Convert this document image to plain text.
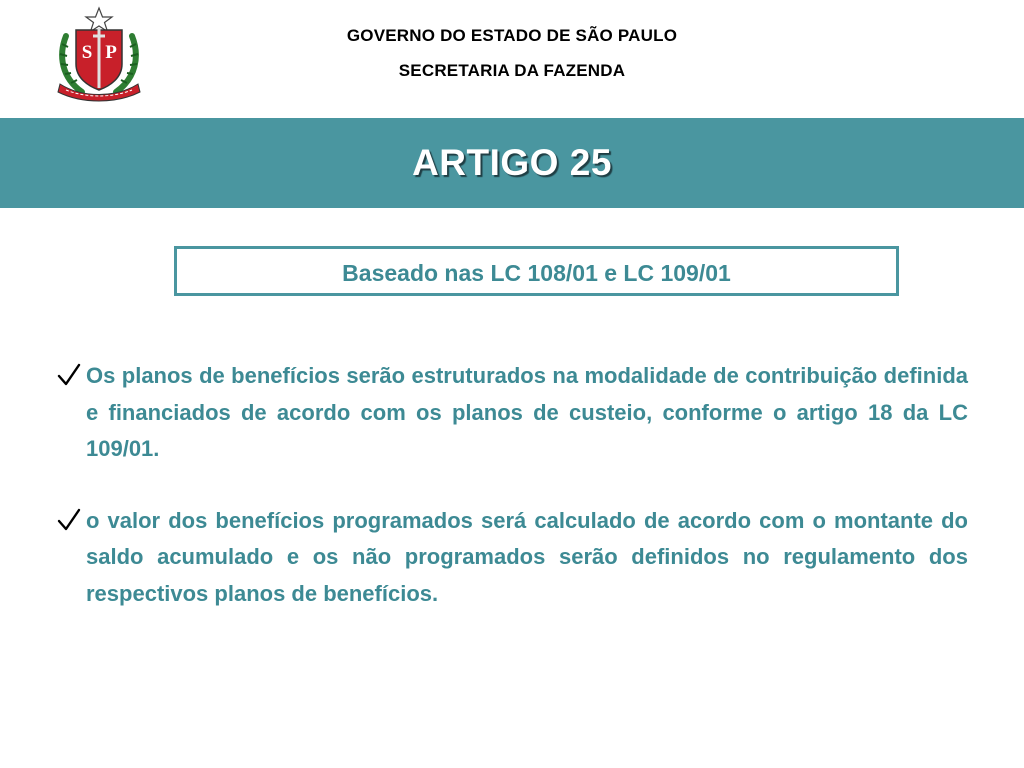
S P
GOVERNO DO ESTADO DE SÃO PAULO
SECRETARIA DA FAZENDA
ARTIGO 25
Baseado nas LC 108/01 e LC 109/01
Os planos de benefícios serão estruturados na modalidade de contribuição definida e financiados de acordo com os planos de custeio, conforme o artigo 18 da LC 109/01.
o valor dos benefícios programados será calculado de acordo com o montante do saldo acumulado e os não programados serão definidos no regulamento dos respectivos planos de benefícios.
